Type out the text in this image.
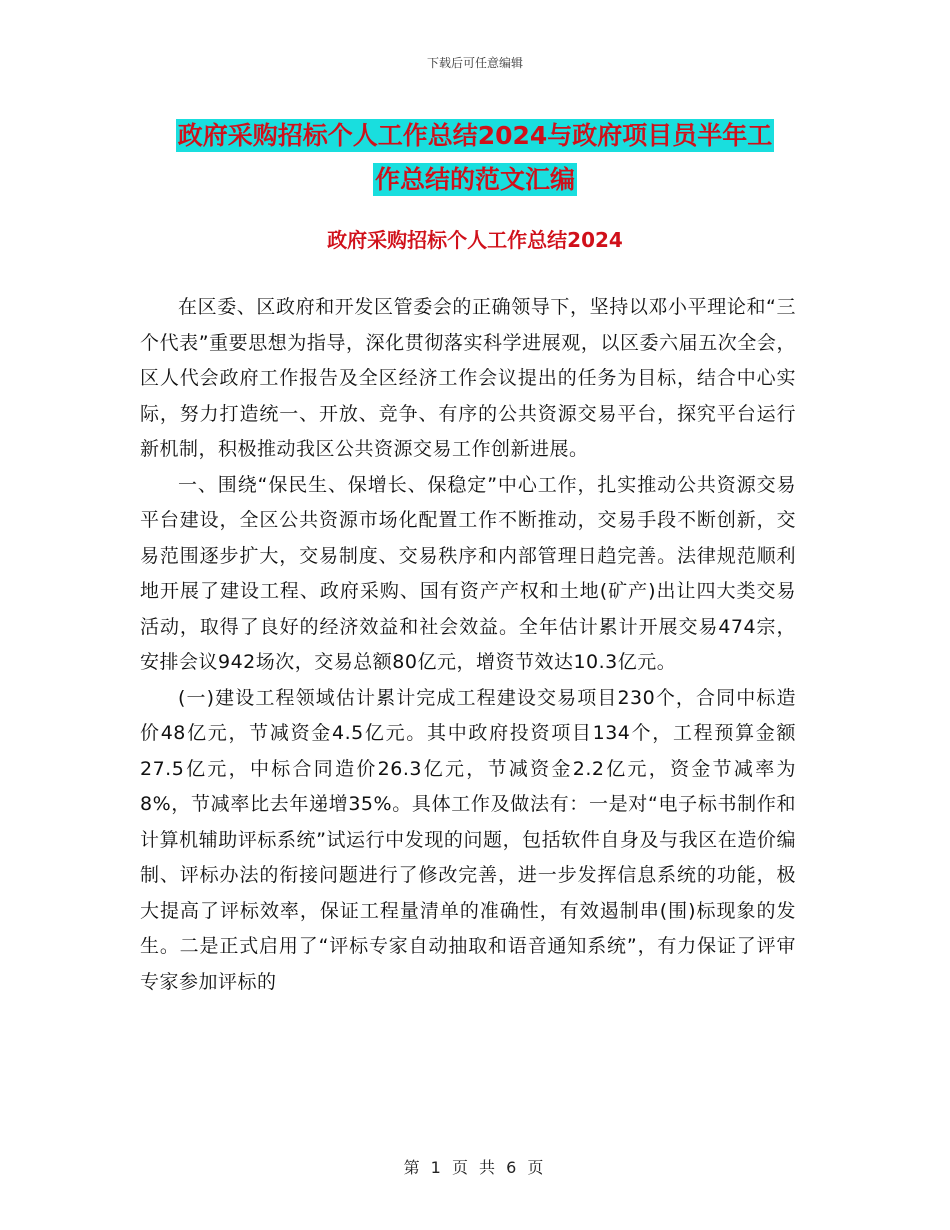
下载后可任意编辑
政府采购招标个人工作总结2024与政府项目员半年工
作总结的范文汇编
政府采购招标个人工作总结2024

在区委、区政府和开发区管委会的正确领导下，坚持以邓小平理论和“三个代表”重要思想为指导，深化贯彻落实科学进展观，以区委六届五次全会，区人代会政府工作报告及全区经济工作会议提出的任务为目标，结合中心实际，努力打造统一、开放、竞争、有序的公共资源交易平台，探究平台运行新机制，积极推动我区公共资源交易工作创新进展。

一、围绕“保民生、保增长、保稳定”中心工作，扎实推动公共资源交易平台建设，全区公共资源市场化配置工作不断推动，交易手段不断创新，交易范围逐步扩大，交易制度、交易秩序和内部管理日趋完善。法律规范顺利地开展了建设工程、政府采购、国有资产产权和土地(矿产)出让四大类交易活动，取得了良好的经济效益和社会效益。全年估计累计开展交易474宗，安排会议942场次，交易总额80亿元，增资节效达10.3亿元。

(一)建设工程领域估计累计完成工程建设交易项目230个，合同中标造价48亿元，节减资金4.5亿元。其中政府投资项目134个，工程预算金额27.5亿元，中标合同造价26.3亿元，节减资金2.2亿元，资金节减率为8%，节减率比去年递增35%。具体工作及做法有：一是对“电子标书制作和计算机辅助评标系统”试运行中发现的问题，包括软件自身及与我区在造价编制、评标办法的衔接问题进行了修改完善，进一步发挥信息系统的功能，极大提高了评标效率，保证工程量清单的准确性，有效遏制串(围)标现象的发生。二是正式启用了“评标专家自动抽取和语音通知系统”，有力保证了评审专家参加评标的

第 1 页 共 6 页
